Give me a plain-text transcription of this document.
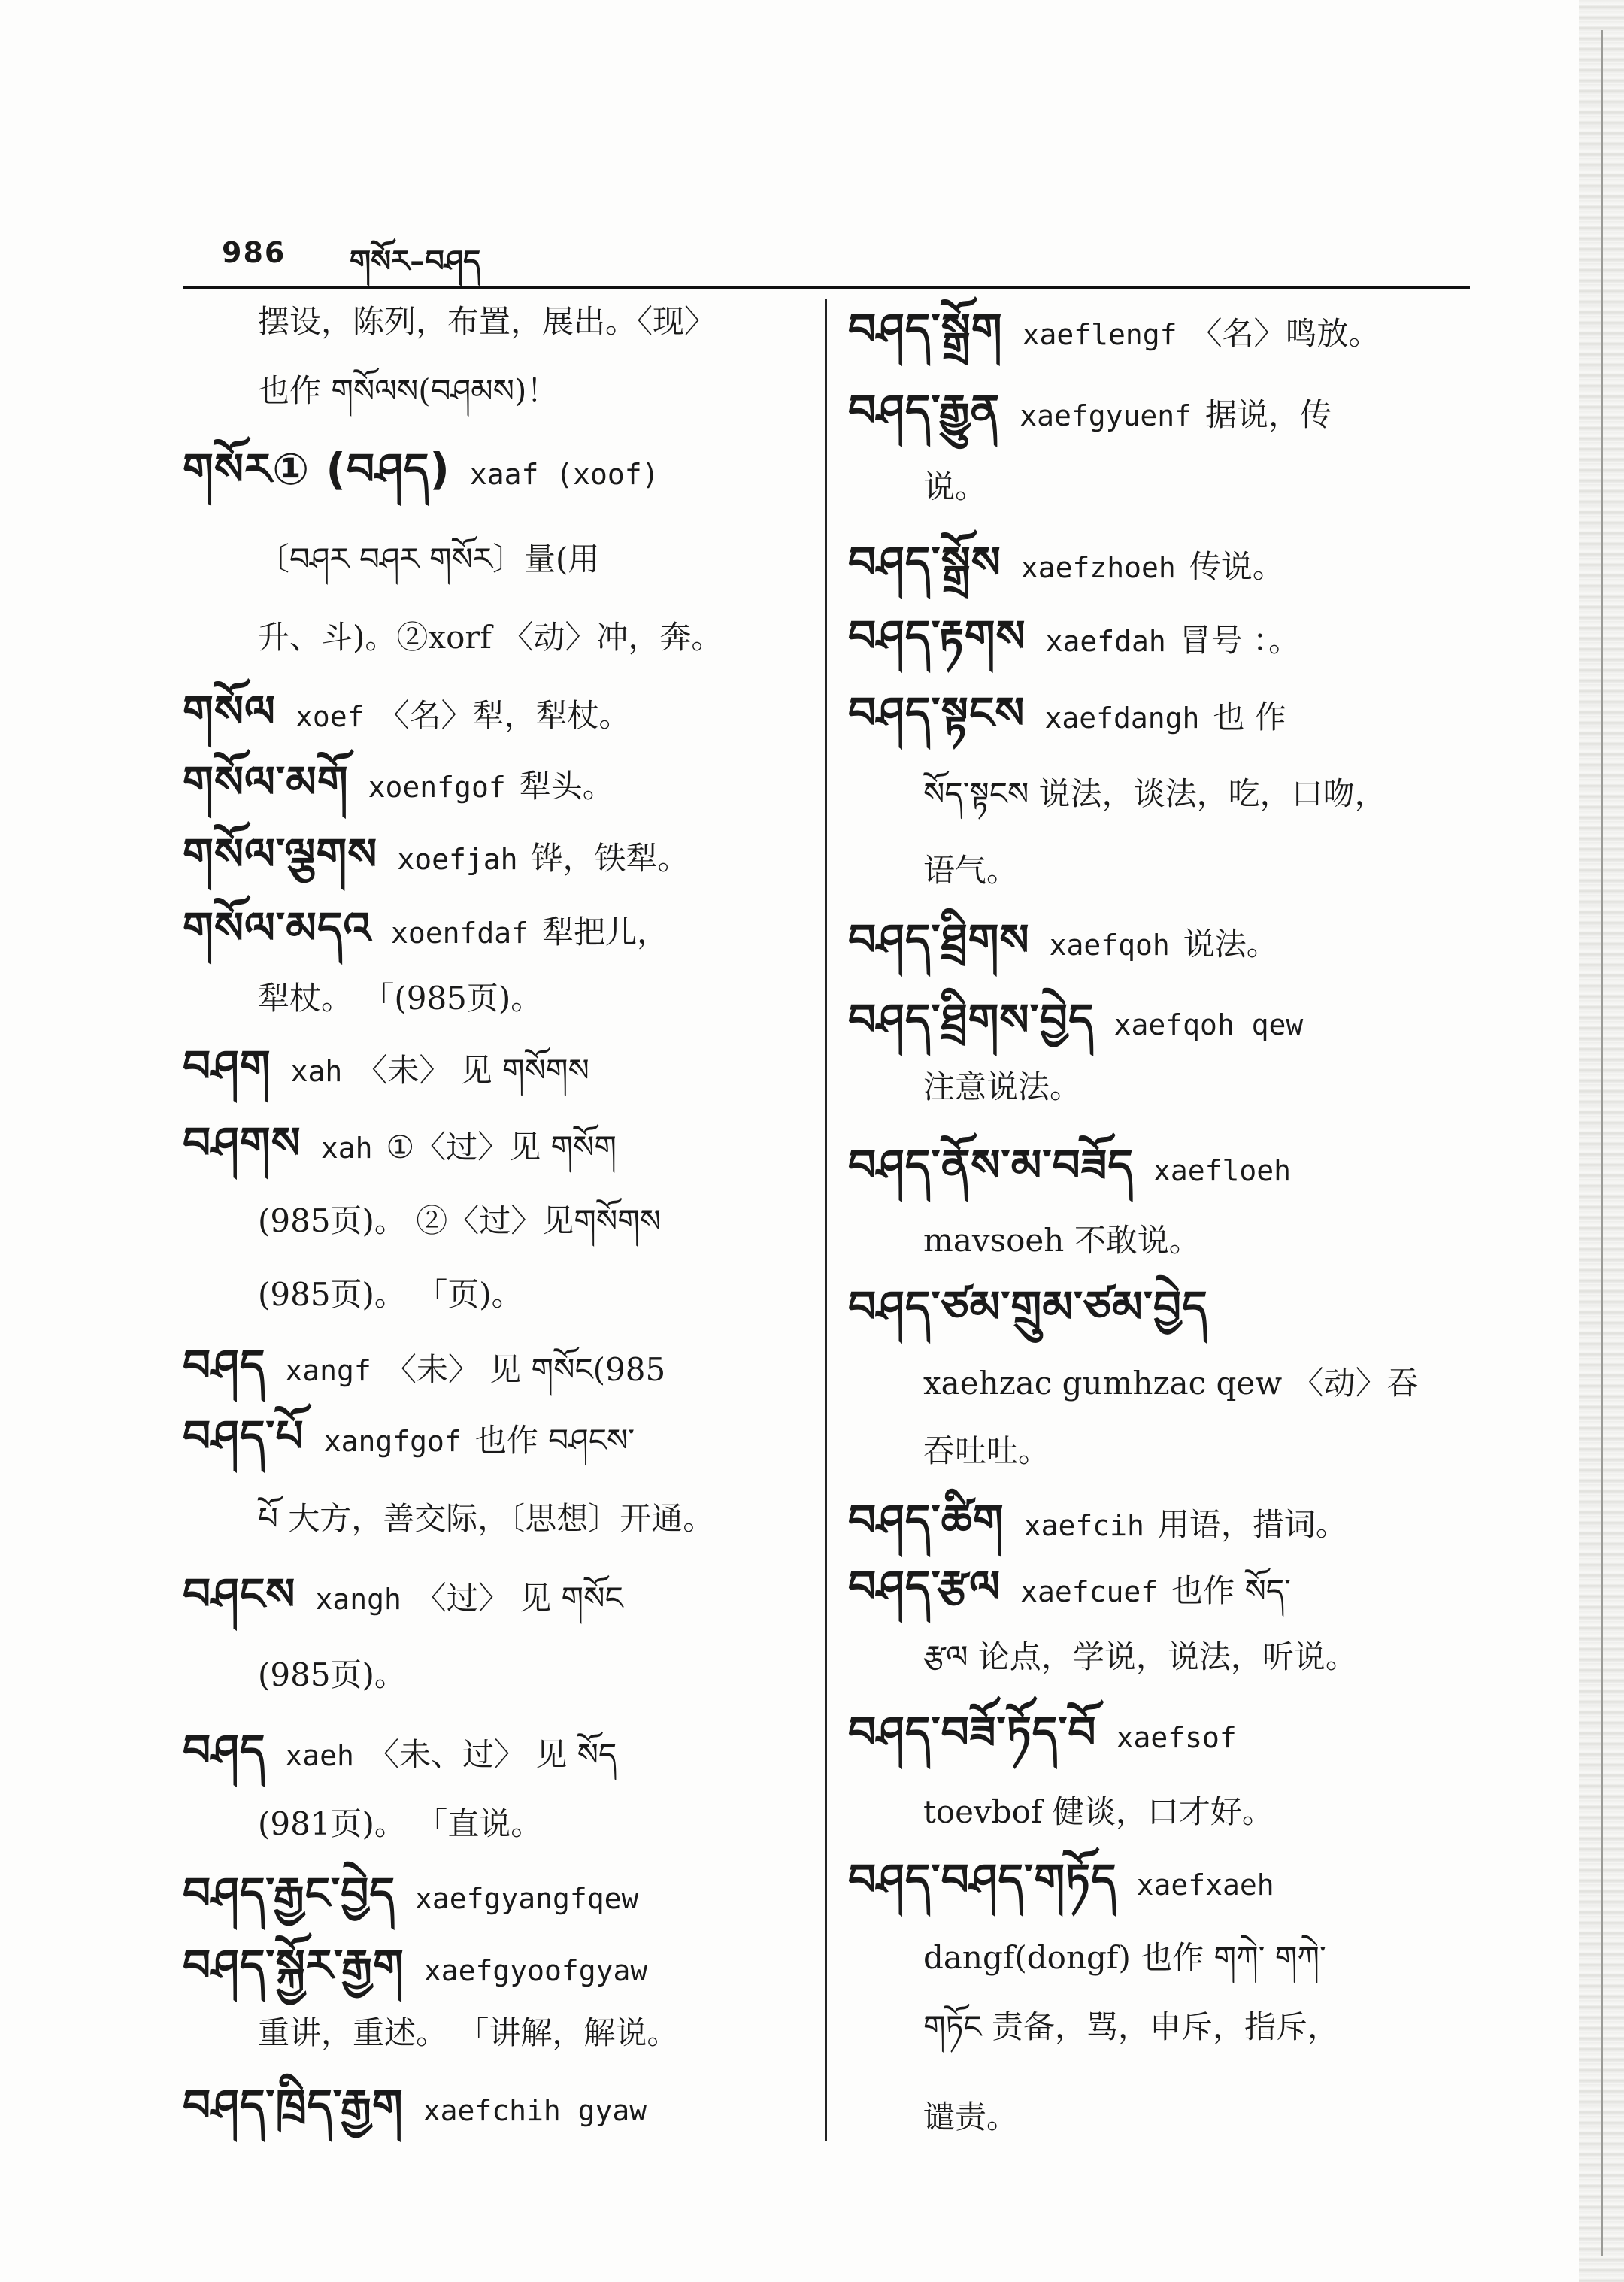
986 གསོར–བཤད
摆设，陈列，布置，展出。〈现〉
也作 གསོལས(བཤམས)！
གསོར① (བཤད) xaaf (xoof)
〔བཤར བཤར གསོར〕量(用
升、斗)。②xorf 〈动〉冲，奔。
གསོལ xoef 〈名〉犁，犁杖。
གསོལ་མགོ xoenfgof 犁头。
གསོལ་ལྕགས xoefjah 铧，铁犁。
གསོལ་མདའ xoenfdaf 犁把儿，
犁杖。 「(985页)。
བཤག xah 〈未〉 见 གསོགས
བཤགས xah ①〈过〉见 གསོག
(985页)。 ②〈过〉见གསོགས
(985页)。 「页)。
བཤད xangf 〈未〉 见 གསོང(985
བཤད་པོ xangfgof 也作 བཤངས་
པོ 大方，善交际，〔思想〕开通。
བཤངས xangh 〈过〉 见 གསོང
(985页)。
བཤད xaeh 〈未、过〉 见 སོད
(981页)。 「直说。
བཤད་རྒྱང་བྱེད xaefgyangfqew
བཤད་སྐྱོར་རྒྱག xaefgyoofgyaw
重讲，重述。 「讲解，解说。
བཤད་ཁྲིད་རྒྱག xaefchih gyaw
བཤད་སྒྲོག xaeflengf 〈名〉鸣放。
བཤད་རྒྱུན xaefgyuenf 据说，传
说。
བཤད་སྒྲོས xaefzhoeh 传说。
བཤད་རྟགས xaefdah 冒号 ：。
བཤད་སྟངས xaefdangh 也 作
སོད་སྟངས 说法，谈法，吃，口吻，
语气。
བཤད་ཐྲིགས xaefqoh 说法。
བཤད་ཐྲིགས་བྱེད xaefqoh qew
注意说法。
བཤད་ནོས་མ་བཟོད xaefloeh
mavsoeh 不敢说。
བཤད་ཙམ་གྲུམ་ཙམ་བྱེད
xaehzac gumhzac qew 〈动〉吞
吞吐吐。
བཤད་ཚིག xaefcih 用语，措词。
བཤད་རྩལ xaefcuef 也作 སོད་
རྩལ 论点，学说，说法，听说。
བཤད་བཟོ་ཏོད་བོ xaefsof
toevbof 健谈，口才好。
བཤད་བཤད་གཏོད xaefxaeh
dangf(dongf) 也作 གཀེ་ གཀེ་
གཏོང 责备，骂，申斥，指斥，
谴责。
